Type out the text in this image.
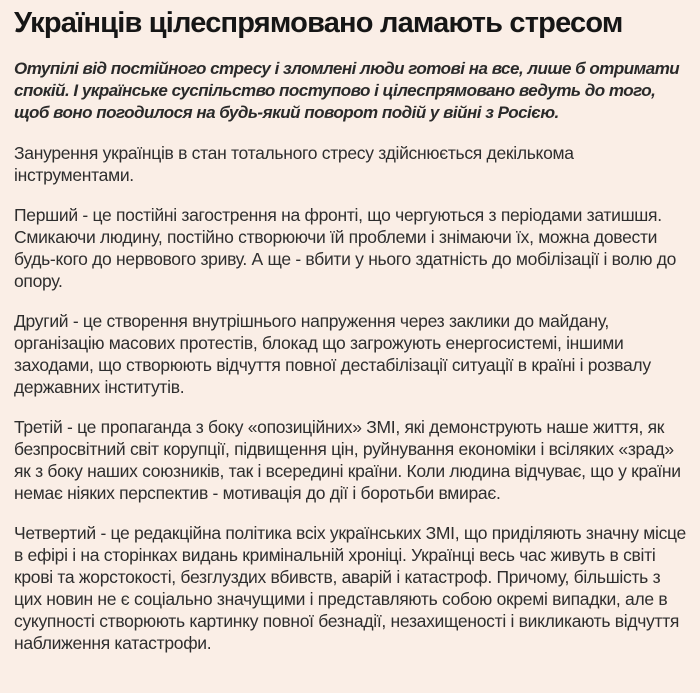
Українців цілеспрямовано ламають стресом

Отупілі від постійного стресу і зломлені люди готові на все, лише б отримати спокій. І українське суспільство поступово і цілеспрямовано ведуть до того, щоб воно погодилося на будь-який поворот подій у війні з Росією.

Занурення українців в стан тотального стресу здійснюється декількома інструментами.

Перший - це постійні загострення на фронті, що чергуються з періодами затишшя. Смикаючи людину, постійно створюючи їй проблеми і знімаючи їх, можна довести будь-кого до нервового зриву. А ще - вбити у нього здатність до мобілізації і волю до опору.

Другий - це створення внутрішнього напруження через заклики до майдану, організацію масових протестів, блокад що загрожують енергосистемі, іншими заходами, що створюють відчуття повної дестабілізації ситуації в країні і розвалу державних інститутів.

Третій - це пропаганда з боку «опозиційних» ЗМІ, які демонструють наше життя, як безпросвітний світ корупції, підвищення цін, руйнування економіки і всіляких «зрад» як з боку наших союзників, так і всередині країни. Коли людина відчуває, що у країни немає ніяких перспектив - мотивація до дії і боротьби вмирає.

Четвертий - це редакційна політика всіх українських ЗМІ, що приділяють значну місце в ефірі і на сторінках видань кримінальній хроніці. Українці весь час живуть в світі крові та жорстокості, безглуздих вбивств, аварій і катастроф. Причому, більшість з цих новин не є соціально значущими і представляють собою окремі випадки, але в сукупності створюють картинку повної безнадії, незахищеності і викликають відчуття наближення катастрофи.
